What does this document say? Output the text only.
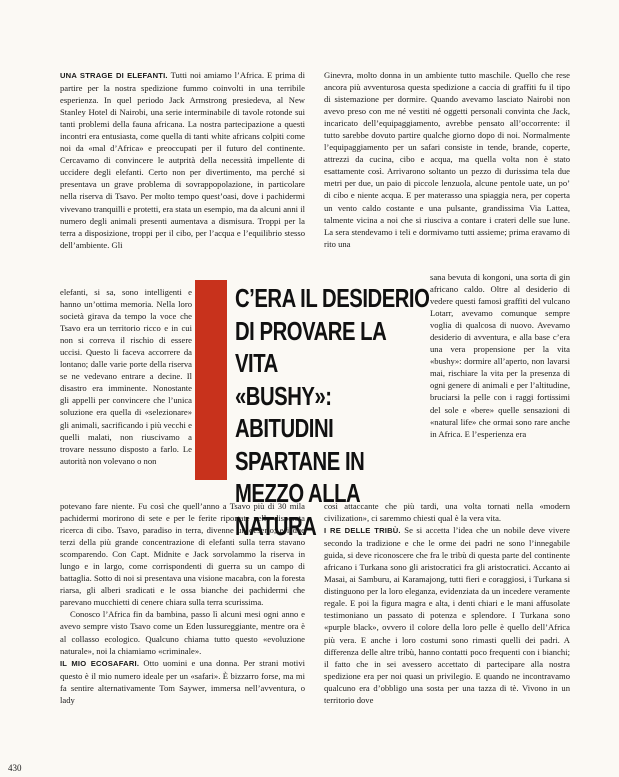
UNA STRAGE DI ELEFANTI. Tutti noi amiamo l’Africa. E prima di partire per la nostra spedizione fummo coinvolti in una terribile esperienza. In quel periodo Jack Armstrong presiedeva, al New Stanley Hotel di Nairobi, una serie interminabile di tavole rotonde sui tanti problemi della fauna africana. La nostra partecipazione a questi incontri era entusiasta, come quella di tanti white africans colpiti come noi da «mal d’Africa» e preoccupati per il futuro del continente. Cercavamo di convincere le autprità della necessità impellente di uccidere degli elefanti. Certo non per divertimento, ma perché si presentava un grave problema di sovrappopolazione, in particolare nella riserva di Tsavo. Per molto tempo quest’oasi, dove i pachidermi vivevano tranquilli e protetti, era stata un esempio, ma da alcuni anni il numero degli animali presenti aumentava a dismisura. Troppi per la terra a disposizione, troppi per il cibo, per l’acqua e l’equilibrio stesso dell’ambiente. Gli

elefanti, si sa, sono intelligenti e hanno un’ottima memoria. Nella loro società girava da tempo la voce che Tsavo era un territorio ricco e in cui non si correva il rischio di essere uccisi. Questo li faceva accorrere da lontano; dalle varie porte della riserva se ne vedevano entrare a decine. Il disastro era imminente. Nonostante gli appelli per convincere che l’unica soluzione era quella di «selezionare» gli animali, sacrificando i più vecchi e quelli malati, non riuscivamo a trovare nessuno disposto a farlo. Le autorità non volevano o non

potevano fare niente. Fu così che quell’anno a Tsavo più di 30 mila pachidermi morirono di sete e per le ferite riportate nella disperata ricerca di cibo. Tsavo, paradiso in terra, divenne un deserto; e i due terzi della più grande concentrazione di elefanti sulla terra stavano scomparendo. Con Capt. Midnite e Jack sorvolammo la riserva in lungo e in largo, come corrispondenti di guerra su un campo di battaglia. Sotto di noi si presentava una visione macabra, con la foresta riarsa, gli alberi sradicati e le ossa bianche dei pachidermi che parevano mucchietti di cenere chiara sulla terra scurissima.

Conosco l’Africa fin da bambina, passo lì alcuni mesi ogni anno e avevo sempre visto Tsavo come un Eden lussureggiante, mentre ora è al collasso ecologico. Qualcuno chiama tutto questo «evoluzione naturale», noi la chiamiamo «criminale».

IL MIO ECOSAFARI. Otto uomini e una donna. Per strani motivi questo è il mio numero ideale per un «safari». È bizzarro forse, ma mi fa sentire alternativamente Tom Saywer, immersa nell’avventura, o lady

Ginevra, molto donna in un ambiente tutto maschile. Quello che rese ancora più avventurosa questa spedizione a caccia di graffiti fu il tipo di sistemazione per dormire. Quando avevamo lasciato Nairobi non avevo preso con me né vestiti né oggetti personali convinta che Jack, incaricato dell’equipaggiamento, avrebbe pensato all’occorrente: il tutto sarebbe dovuto partire qualche giorno dopo di noi. Normalmente l’equipaggiamento per un safari consiste in tende, brande, coperte, attrezzi da cucina, cibo e acqua, ma quella volta non è stato esattamente così. Arrivarono soltanto un pezzo di durissima tela due metri per due, un paio di piccole lenzuola, alcune pentole uate, un po’ di cibo e niente acqua. E per materasso una spiaggia nera, per coperta un vento caldo costante e una pulsante, grandissima Via Lattea, talmente vicina a noi che si riusciva a contare i crateri delle sue lune. La sera stendevamo i teli e dormivamo tutti assieme; prima eravamo di rito una

sana bevuta di kongoni, una sorta di gin africano caldo. Oltre al desiderio di vedere questi famosi graffiti del vulcano Lotarr, avevamo comunque sempre voglia di qualcosa di nuovo. Avevamo desiderio di avventura, e alla base c’era una vera propensione per la vita «bushy»: dormire all’aperto, non lavarsi mai, rischiare la vita per la presenza di ogni genere di animali e per l’altitudine, bruciarsi la pelle con i raggi fortissimi del sole e «bere» quelle sensazioni di «natural life» che ormai sono rare anche in Africa. E l’esperienza era

così attaccante che più tardi, una volta tornati nella «modern civilization», ci saremmo chiesti qual è la vera vita.

I RE DELLE TRIBÙ. Se si accetta l’idea che un nobile deve vivere secondo la tradizione e che le orme dei padri ne sono l’innegabile guida, si deve riconoscere che fra le tribù di questa parte del continente africano i Turkana sono gli aristocratici fra gli aristocratici. Accanto ai Masai, ai Samburu, ai Karamajong, tutti fieri e coraggiosi, i Turkana si distinguono per la loro eleganza, evidenziata da un incedere veramente regale. E poi la figura magra e alta, i denti chiari e le mani affusolate testimoniano un passato di potenza e splendore. I Turkana sono «purple black», ovvero il colore della loro pelle è quello dell’Africa più vera. E anche i loro costumi sono rimasti quelli dei padri. A differenza delle altre tribù, hanno contatti poco frequenti con i bianchi; il fatto che in sei avessero accettato di partecipare alla nostra spedizione era per noi quasi un privilegio. E quando ne incontravamo qualcuno era d’obbligo una sosta per una tazza di tè. Vivono in un territorio dove

C’ERA IL DESIDERIO
DI PROVARE LA VITA
«BUSHY»: ABITUDINI
SPARTANE IN
MEZZO ALLA NATURA
430
